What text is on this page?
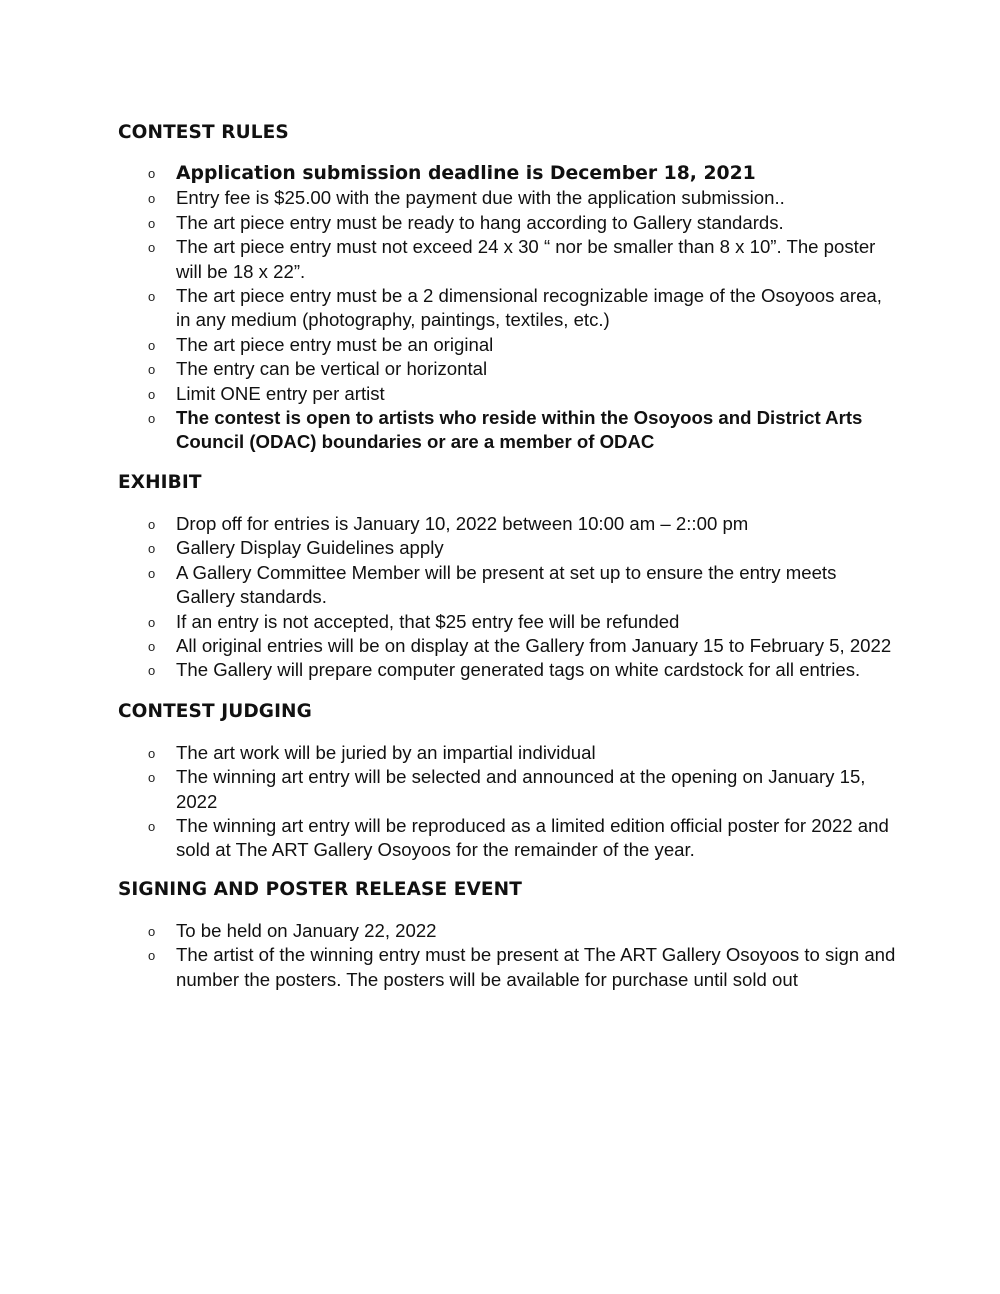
CONTEST RULES
o Application submission deadline is December 18, 2021
o Entry fee is $25.00 with the payment due with the application submission..
o The art piece entry must be ready to hang according to Gallery standards.
o The art piece entry must not exceed 24 x 30 “ nor be smaller than 8 x 10”. The poster will be 18 x 22”.
o The art piece entry must be a 2 dimensional recognizable image of the Osoyoos area, in any medium (photography, paintings, textiles, etc.)
o The art piece entry must be an original
o The entry can be vertical or horizontal
o Limit ONE entry per artist
o The contest is open to artists who reside within the Osoyoos and District Arts Council (ODAC) boundaries or are a member of ODAC
EXHIBIT
o Drop off for entries is January 10, 2022 between 10:00 am – 2::00 pm
o Gallery Display Guidelines apply
o A Gallery Committee Member will be present at set up to ensure the entry meets Gallery standards.
o If an entry is not accepted, that $25 entry fee will be refunded
o All original entries will be on display at the Gallery from January 15 to February 5, 2022
o The Gallery will prepare computer generated tags on white cardstock for all entries.
CONTEST JUDGING
o The art work will be juried by an impartial individual
o The winning art entry will be selected and announced at the opening on January 15, 2022
o The winning art entry will be reproduced as a limited edition official poster for 2022 and sold at The ART Gallery Osoyoos for the remainder of the year.
SIGNING AND POSTER RELEASE EVENT
o To be held on January 22, 2022
o The artist of the winning entry must be present at The ART Gallery Osoyoos to sign and number the posters. The posters will be available for purchase until sold out
